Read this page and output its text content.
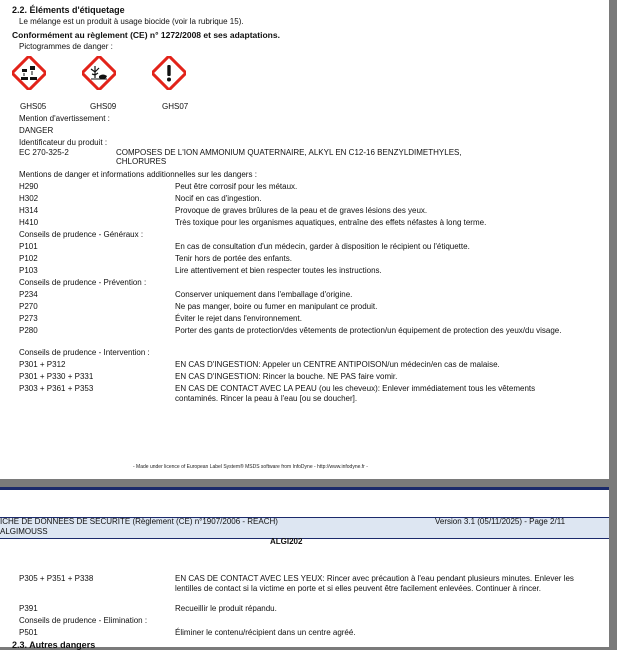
2.2. Éléments d'étiquetage
Le mélange est un produit à usage biocide (voir la rubrique 15).
Conformément au règlement (CE) n° 1272/2008 et ses adaptations.
Pictogrammes de danger :
GHS05	GHS09	GHS07
Mention d'avertissement :
DANGER
Identificateur du produit :
EC 270-325-2	COMPOSES DE L'ION AMMONIUM QUATERNAIRE, ALKYL EN C12-16 BENZYLDIMETHYLES,
CHLORURES
Mentions de danger et informations additionnelles sur les dangers :
H290	Peut être corrosif pour les métaux.
H302	Nocif en cas d'ingestion.
H314	Provoque de graves brûlures de la peau et de graves lésions des yeux.
H410	Très toxique pour les organismes aquatiques, entraîne des effets néfastes à long terme.
Conseils de prudence - Généraux :
P101	En cas de consultation d'un médecin, garder à disposition le récipient ou l'étiquette.
P102	Tenir hors de portée des enfants.
P103	Lire attentivement et bien respecter toutes les instructions.
Conseils de prudence - Prévention :
P234	Conserver uniquement dans l'emballage d'origine.
P270	Ne pas manger, boire ou fumer en manipulant ce produit.
P273	Éviter le rejet dans l'environnement.
P280	Porter des gants de protection/des vêtements de protection/un équipement de protection des yeux/du visage.
Conseils de prudence - Intervention :
P301 + P312	EN CAS D'INGESTION: Appeler un CENTRE ANTIPOISON/un médecin/en cas de malaise.
P301 + P330 + P331	EN CAS D'INGESTION: Rincer la bouche. NE PAS faire vomir.
P303 + P361 + P353	EN CAS DE CONTACT AVEC LA PEAU (ou les cheveux): Enlever immédiatement tous les vêtements contaminés. Rincer la peau à l'eau [ou se doucher].
- Made under licence of European Label System® MSDS software from InfoDyne - http://www.infodyne.fr -
ICHE DE DONNEES DE SECURITE (Règlement (CE) n°1907/2006 - REACH)
ALGIMOUSS
Version 3.1 (05/11/2025) - Page 2/11
ALGI202
P305 + P351 + P338	EN CAS DE CONTACT AVEC LES YEUX: Rincer avec précaution à l'eau pendant plusieurs minutes. Enlever les lentilles de contact si la victime en porte et si elles peuvent être facilement enlevées. Continuer à rincer.
P391	Recueillir le produit répandu.
Conseils de prudence - Elimination :
P501	Éliminer le contenu/récipient dans un centre agréé.
2.3. Autres dangers
